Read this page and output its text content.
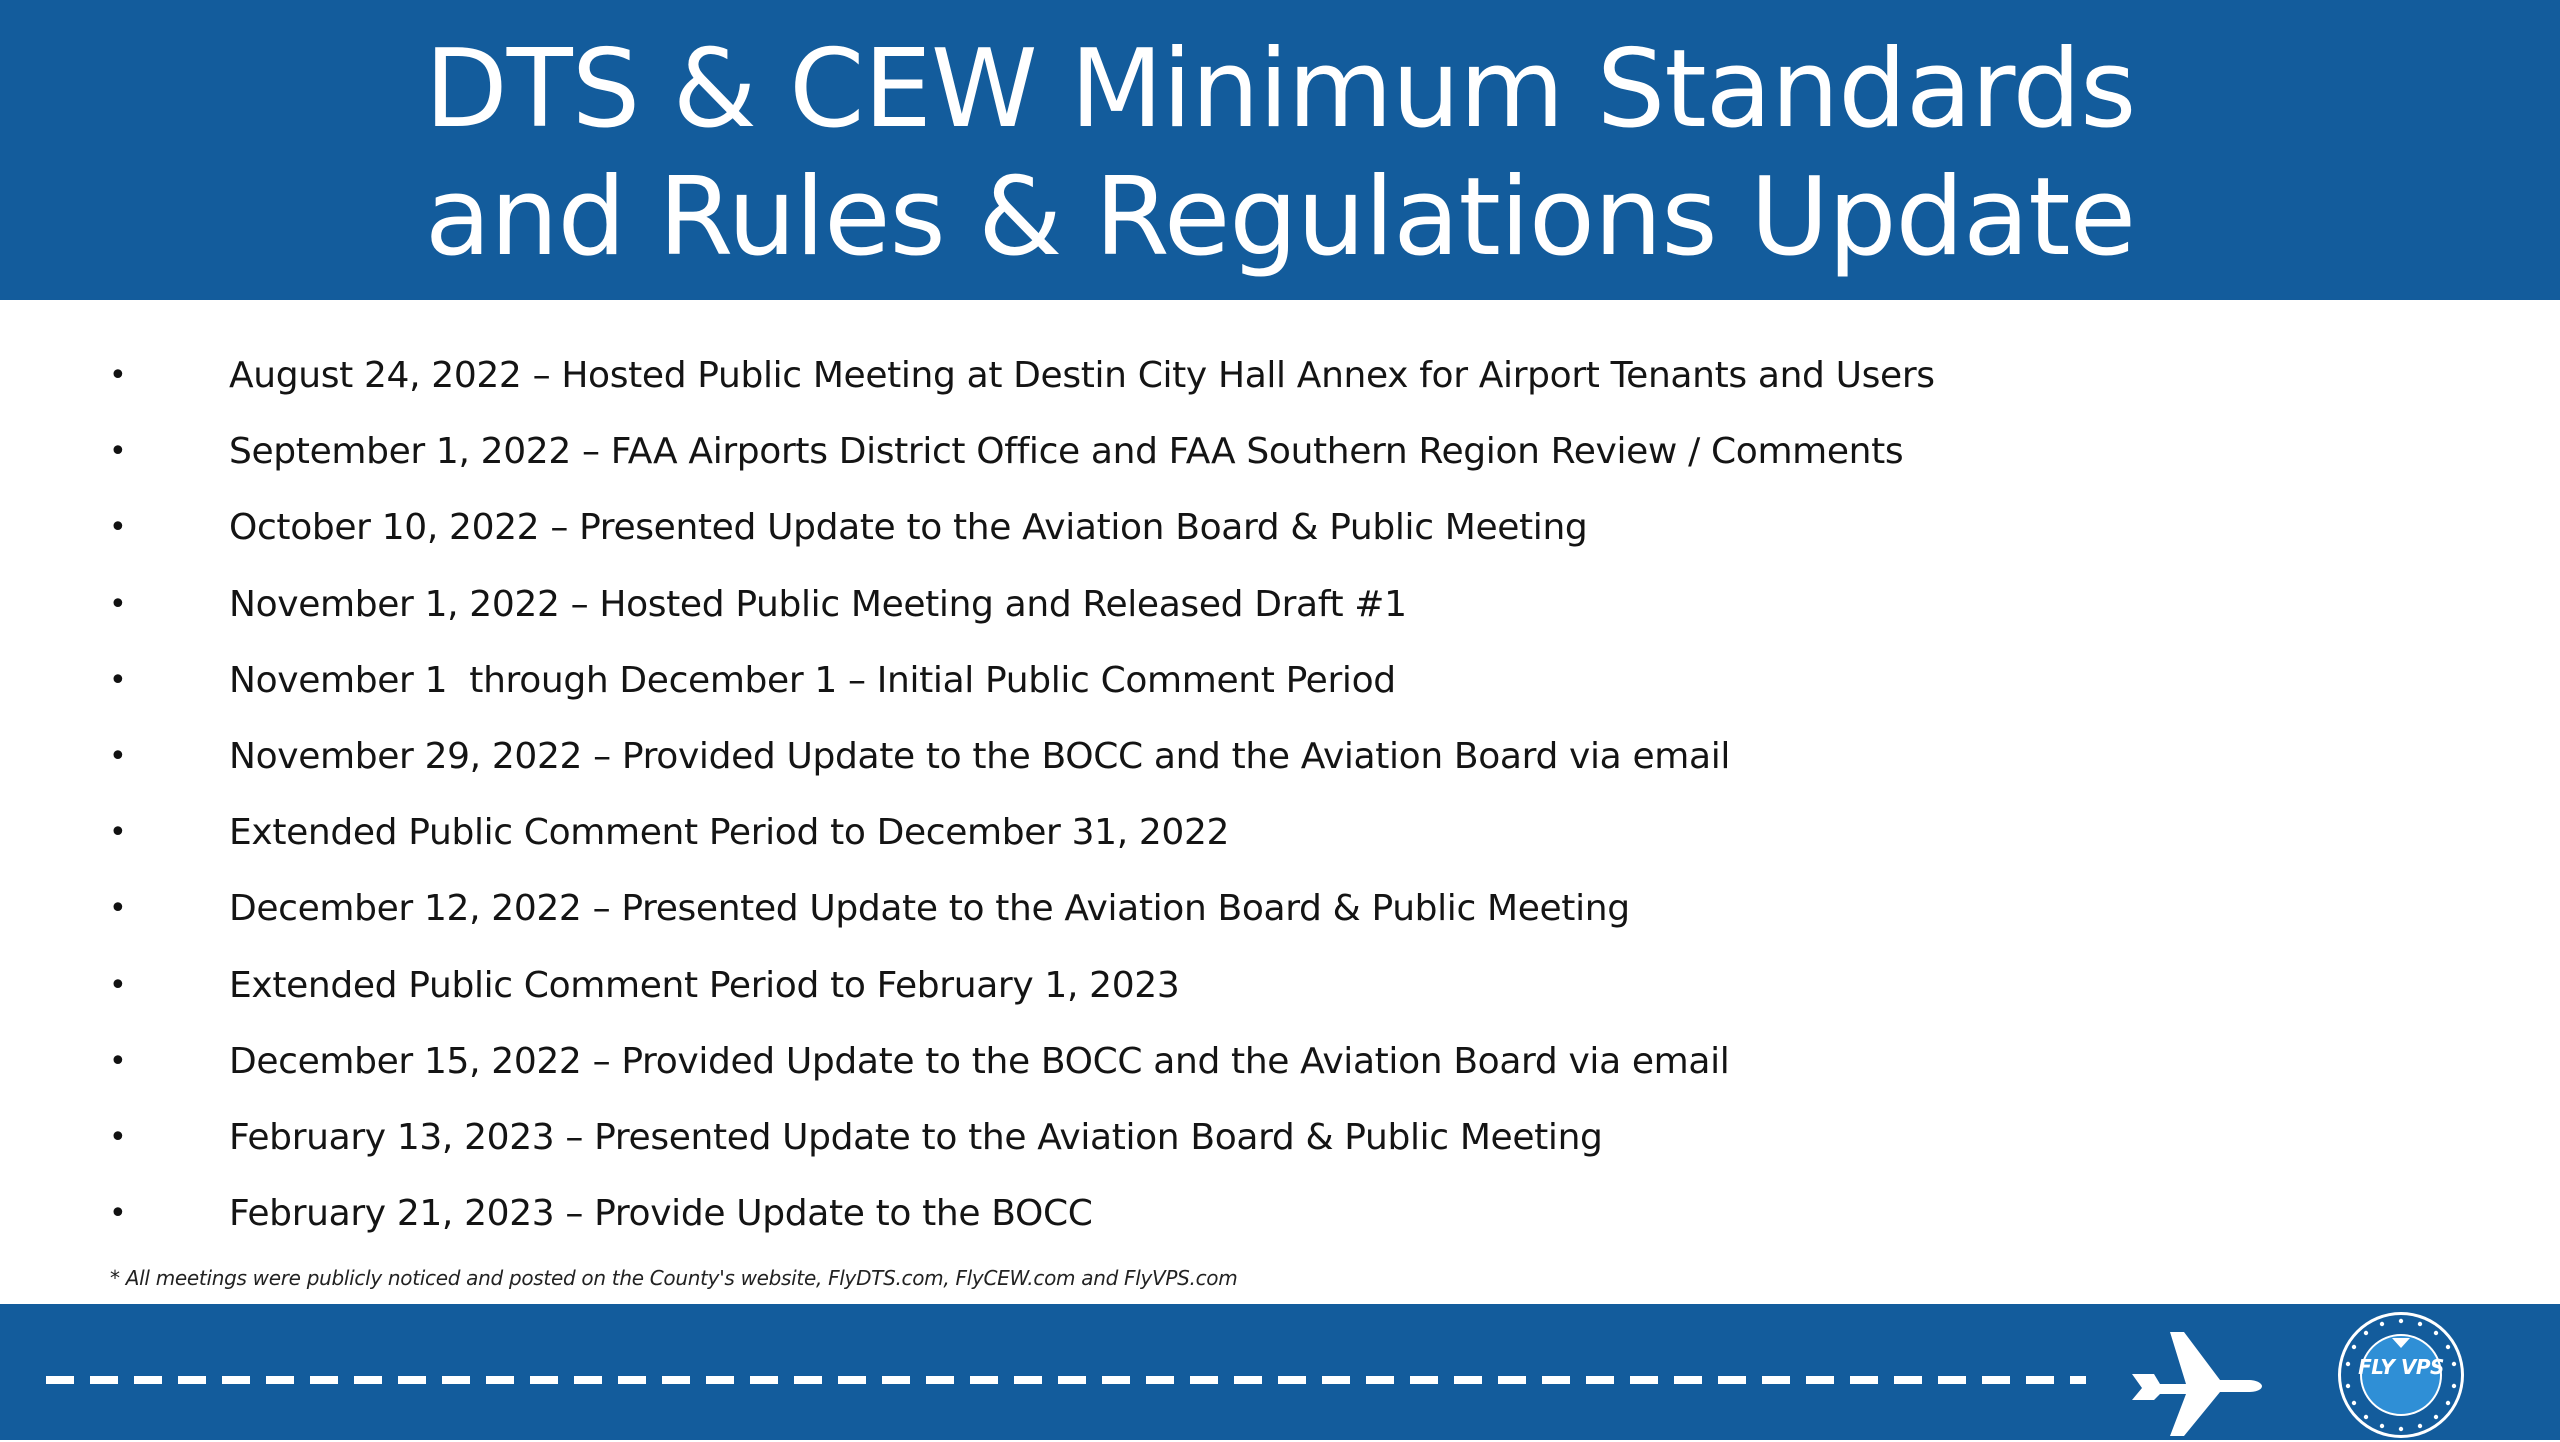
DTS & CEW Minimum Standards
and Rules & Regulations Update
•	August 24, 2022 – Hosted Public Meeting at Destin City Hall Annex for Airport Tenants and Users
•	September 1, 2022 – FAA Airports District Office and FAA Southern Region Review / Comments
•	October 10, 2022 – Presented Update to the Aviation Board & Public Meeting
•	November 1, 2022 – Hosted Public Meeting and Released Draft #1
•	November 1  through December 1 – Initial Public Comment Period
•	November 29, 2022 – Provided Update to the BOCC and the Aviation Board via email
•	Extended Public Comment Period to December 31, 2022
•	December 12, 2022 – Presented Update to the Aviation Board & Public Meeting
•	Extended Public Comment Period to February 1, 2023
•	December 15, 2022 – Provided Update to the BOCC and the Aviation Board via email
•	February 13, 2023 – Presented Update to the Aviation Board & Public Meeting
•	February 21, 2023 – Provide Update to the BOCC
* All meetings were publicly noticed and posted on the County's website, FlyDTS.com, FlyCEW.com and FlyVPS.com
FLY VPS
